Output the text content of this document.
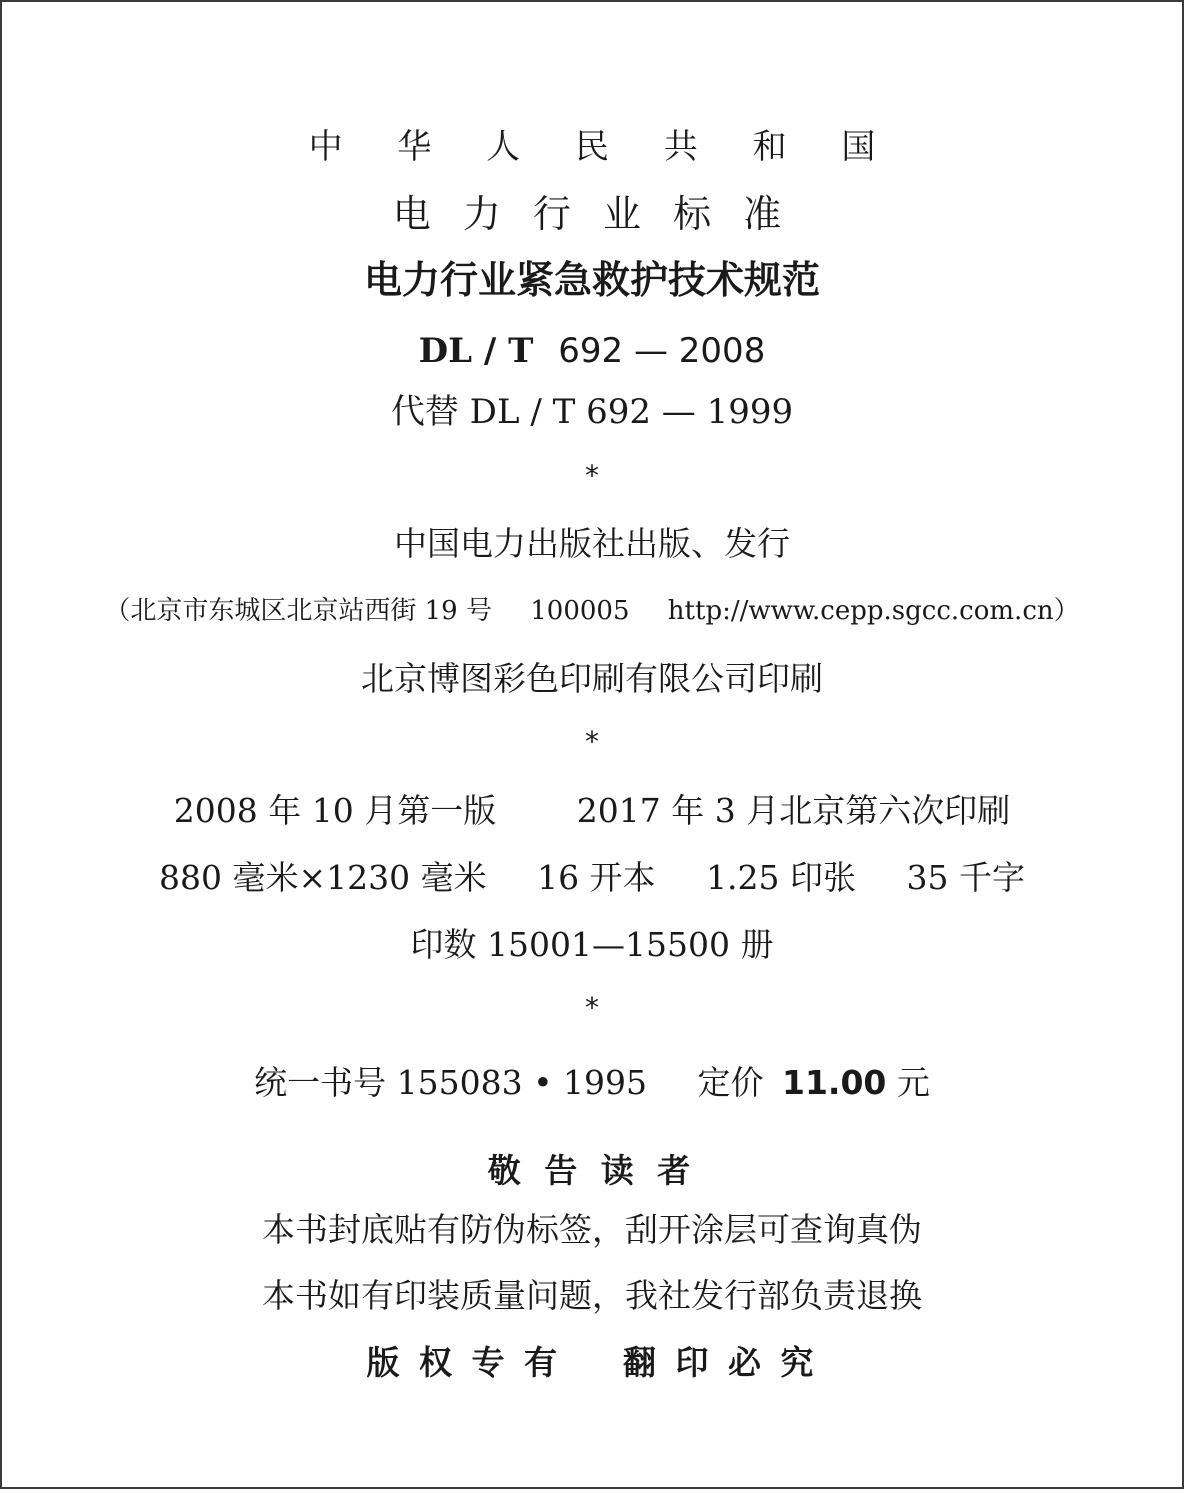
中 华 人 民 共 和 国
电 力 行 业 标 准
电力行业紧急救护技术规范
DL / T 692 — 2008
代替 DL / T 692 — 1999
*
中国电力出版社出版、发行
（北京市东城区北京站西街 19 号 100005 http://www.cepp.sgcc.com.cn）
北京博图彩色印刷有限公司印刷
*
2008 年 10 月第一版 2017 年 3 月北京第六次印刷
880 毫米×1230 毫米 16 开本 1.25 印张 35 千字
印数 15001—15500 册
*
统一书号 155083 • 1995 定价 11.00 元
敬 告 读 者
本书封底贴有防伪标签，刮开涂层可查询真伪
本书如有印装质量问题，我社发行部负责退换
版 权 专 有    翻 印 必 究
